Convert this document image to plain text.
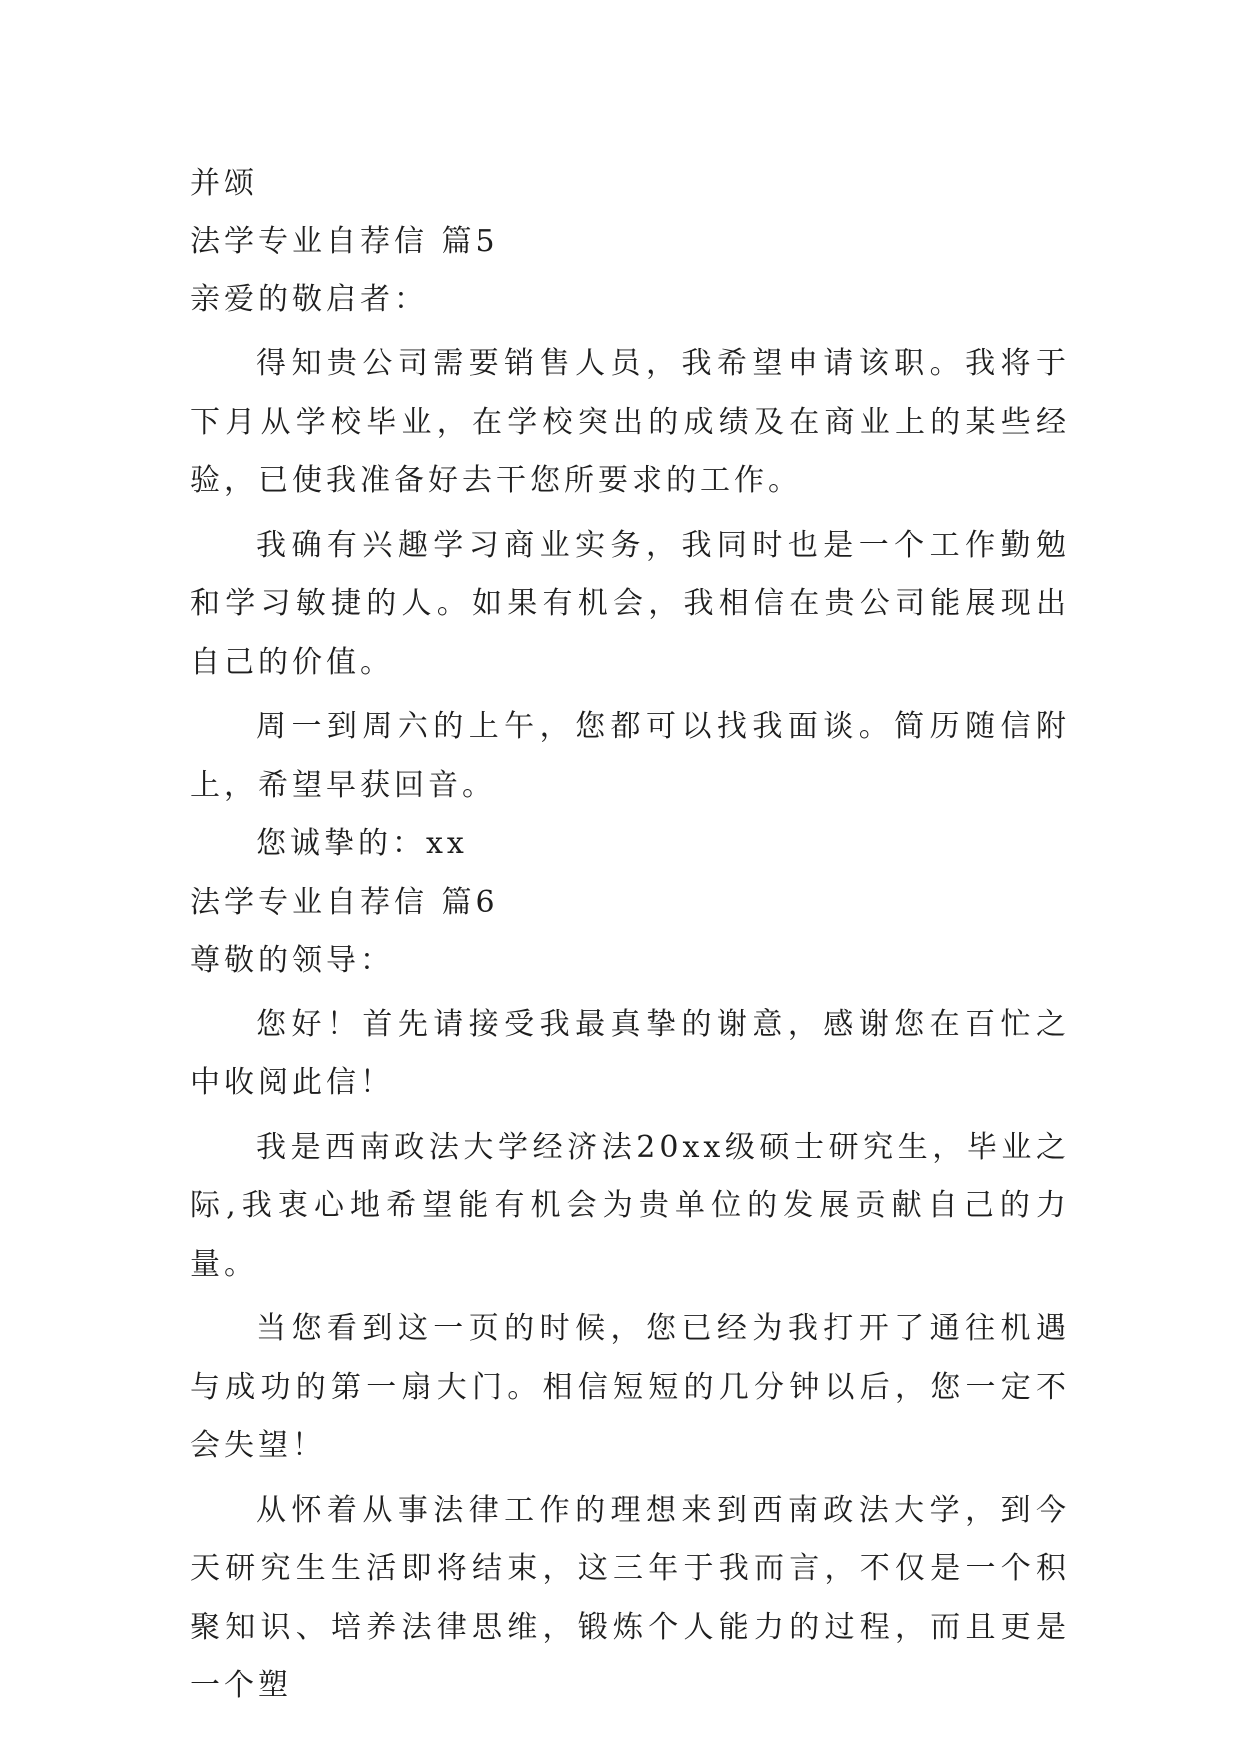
并颂
法学专业自荐信 篇5
亲爱的敬启者：

得知贵公司需要销售人员，我希望申请该职。我将于下月从学校毕业，在学校突出的成绩及在商业上的某些经验，已使我准备好去干您所要求的工作。

我确有兴趣学习商业实务，我同时也是一个工作勤勉和学习敏捷的人。如果有机会，我相信在贵公司能展现出自己的价值。

周一到周六的上午，您都可以找我面谈。简历随信附上，希望早获回音。

您诚挚的：xx

法学专业自荐信 篇6
尊敬的领导：

您好！首先请接受我最真挚的谢意，感谢您在百忙之中收阅此信！

我是西南政法大学经济法20xx级硕士研究生，毕业之际,我衷心地希望能有机会为贵单位的发展贡献自己的力量。

当您看到这一页的时候，您已经为我打开了通往机遇与成功的第一扇大门。相信短短的几分钟以后，您一定不会失望！

从怀着从事法律工作的理想来到西南政法大学，到今天研究生生活即将结束，这三年于我而言，不仅是一个积聚知识、培养法律思维，锻炼个人能力的过程，而且更是一个塑
